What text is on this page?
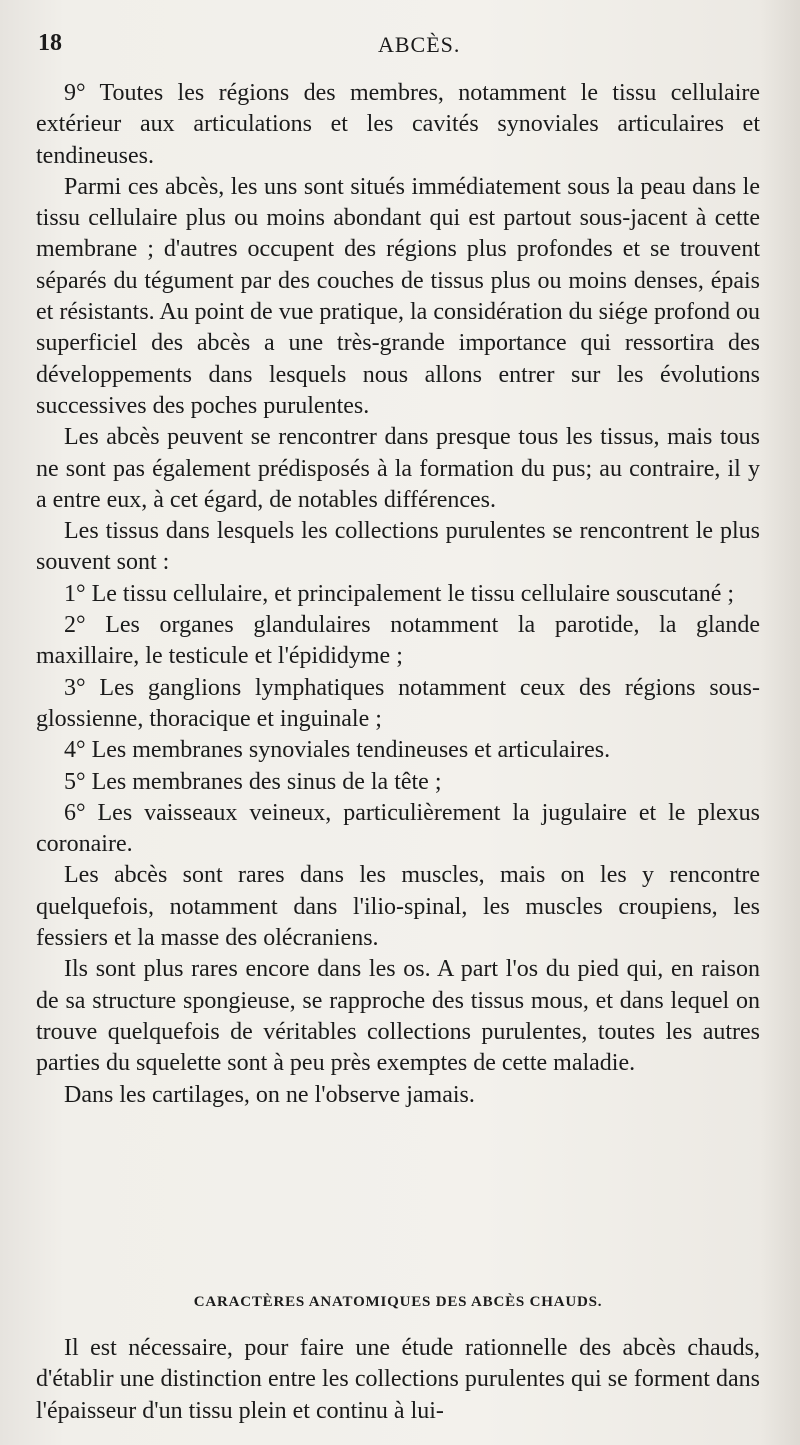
18	ABCÈS.

9° Toutes les régions des membres, notamment le tissu cellulaire extérieur aux articulations et les cavités synoviales articulaires et tendineuses.

Parmi ces abcès, les uns sont situés immédiatement sous la peau dans le tissu cellulaire plus ou moins abondant qui est partout sous-jacent à cette membrane ; d'autres occupent des régions plus profondes et se trouvent séparés du tégument par des couches de tissus plus ou moins denses, épais et résistants. Au point de vue pratique, la considération du siége profond ou superficiel des abcès a une très-grande importance qui ressortira des développements dans lesquels nous allons entrer sur les évolutions successives des poches purulentes.

Les abcès peuvent se rencontrer dans presque tous les tissus, mais tous ne sont pas également prédisposés à la formation du pus; au contraire, il y a entre eux, à cet égard, de notables différences.

Les tissus dans lesquels les collections purulentes se rencontrent le plus souvent sont :

1° Le tissu cellulaire, et principalement le tissu cellulaire souscutané ;

2° Les organes glandulaires notamment la parotide, la glande maxillaire, le testicule et l'épididyme ;

3° Les ganglions lymphatiques notamment ceux des régions sous-glossienne, thoracique et inguinale ;

4° Les membranes synoviales tendineuses et articulaires.

5° Les membranes des sinus de la tête ;

6° Les vaisseaux veineux, particulièrement la jugulaire et le plexus coronaire.

Les abcès sont rares dans les muscles, mais on les y rencontre quelquefois, notamment dans l'ilio-spinal, les muscles croupiens, les fessiers et la masse des olécraniens.

Ils sont plus rares encore dans les os. A part l'os du pied qui, en raison de sa structure spongieuse, se rapproche des tissus mous, et dans lequel on trouve quelquefois de véritables collections purulentes, toutes les autres parties du squelette sont à peu près exemptes de cette maladie.

Dans les cartilages, on ne l'observe jamais.

CARACTÈRES ANATOMIQUES DES ABCÈS CHAUDS.

Il est nécessaire, pour faire une étude rationnelle des abcès chauds, d'établir une distinction entre les collections purulentes qui se forment dans l'épaisseur d'un tissu plein et continu à lui-
